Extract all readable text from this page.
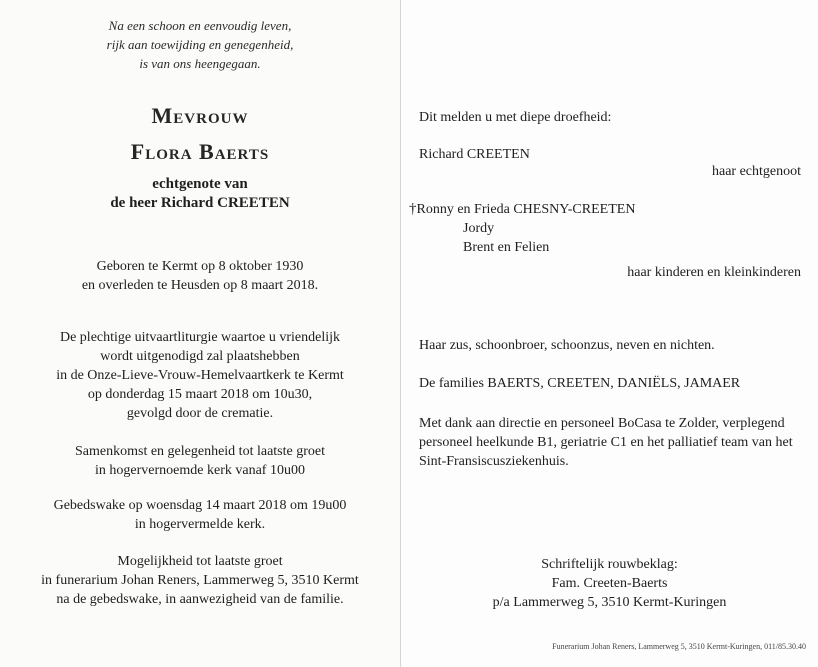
Na een schoon en eenvoudig leven,
rijk aan toewijding en genegenheid,
is van ons heengegaan.
Mevrouw
Flora Baerts
echtgenote van
de heer Richard CREETEN
Geboren te Kermt op 8 oktober 1930
en overleden te Heusden op 8 maart 2018.
De plechtige uitvaartliturgie waartoe u vriendelijk
wordt uitgenodigd zal plaatshebben
in de Onze-Lieve-Vrouw-Hemelvaartkerk te Kermt
op donderdag 15 maart 2018 om 10u30,
gevolgd door de crematie.
Samenkomst en gelegenheid tot laatste groet
in hogervernoemde kerk vanaf 10u00
Gebedswake op woensdag 14 maart 2018 om 19u00
in hogervermelde kerk.
Mogelijkheid tot laatste groet
in funerarium Johan Reners, Lammerweg 5, 3510 Kermt
na de gebedswake, in aanwezigheid van de familie.
Dit melden u met diepe droefheid:
Richard CREETEN
haar echtgenoot
†Ronny en Frieda CHESNY-CREETEN
Jordy
Brent en Felien
haar kinderen en kleinkinderen
Haar zus, schoonbroer, schoonzus, neven en nichten.
De families BAERTS, CREETEN, DANIËLS, JAMAER
Met dank aan directie en personeel BoCasa te Zolder, verplegend
personeel heelkunde B1, geriatrie C1 en het palliatief team van het
Sint-Fransiscusziekenhuis.
Schriftelijk rouwbeklag:
Fam. Creeten-Baerts
p/a Lammerweg 5, 3510 Kermt-Kuringen
Funerarium Johan Reners, Lammerweg 5, 3510 Kermt-Kuringen, 011/85.30.40
